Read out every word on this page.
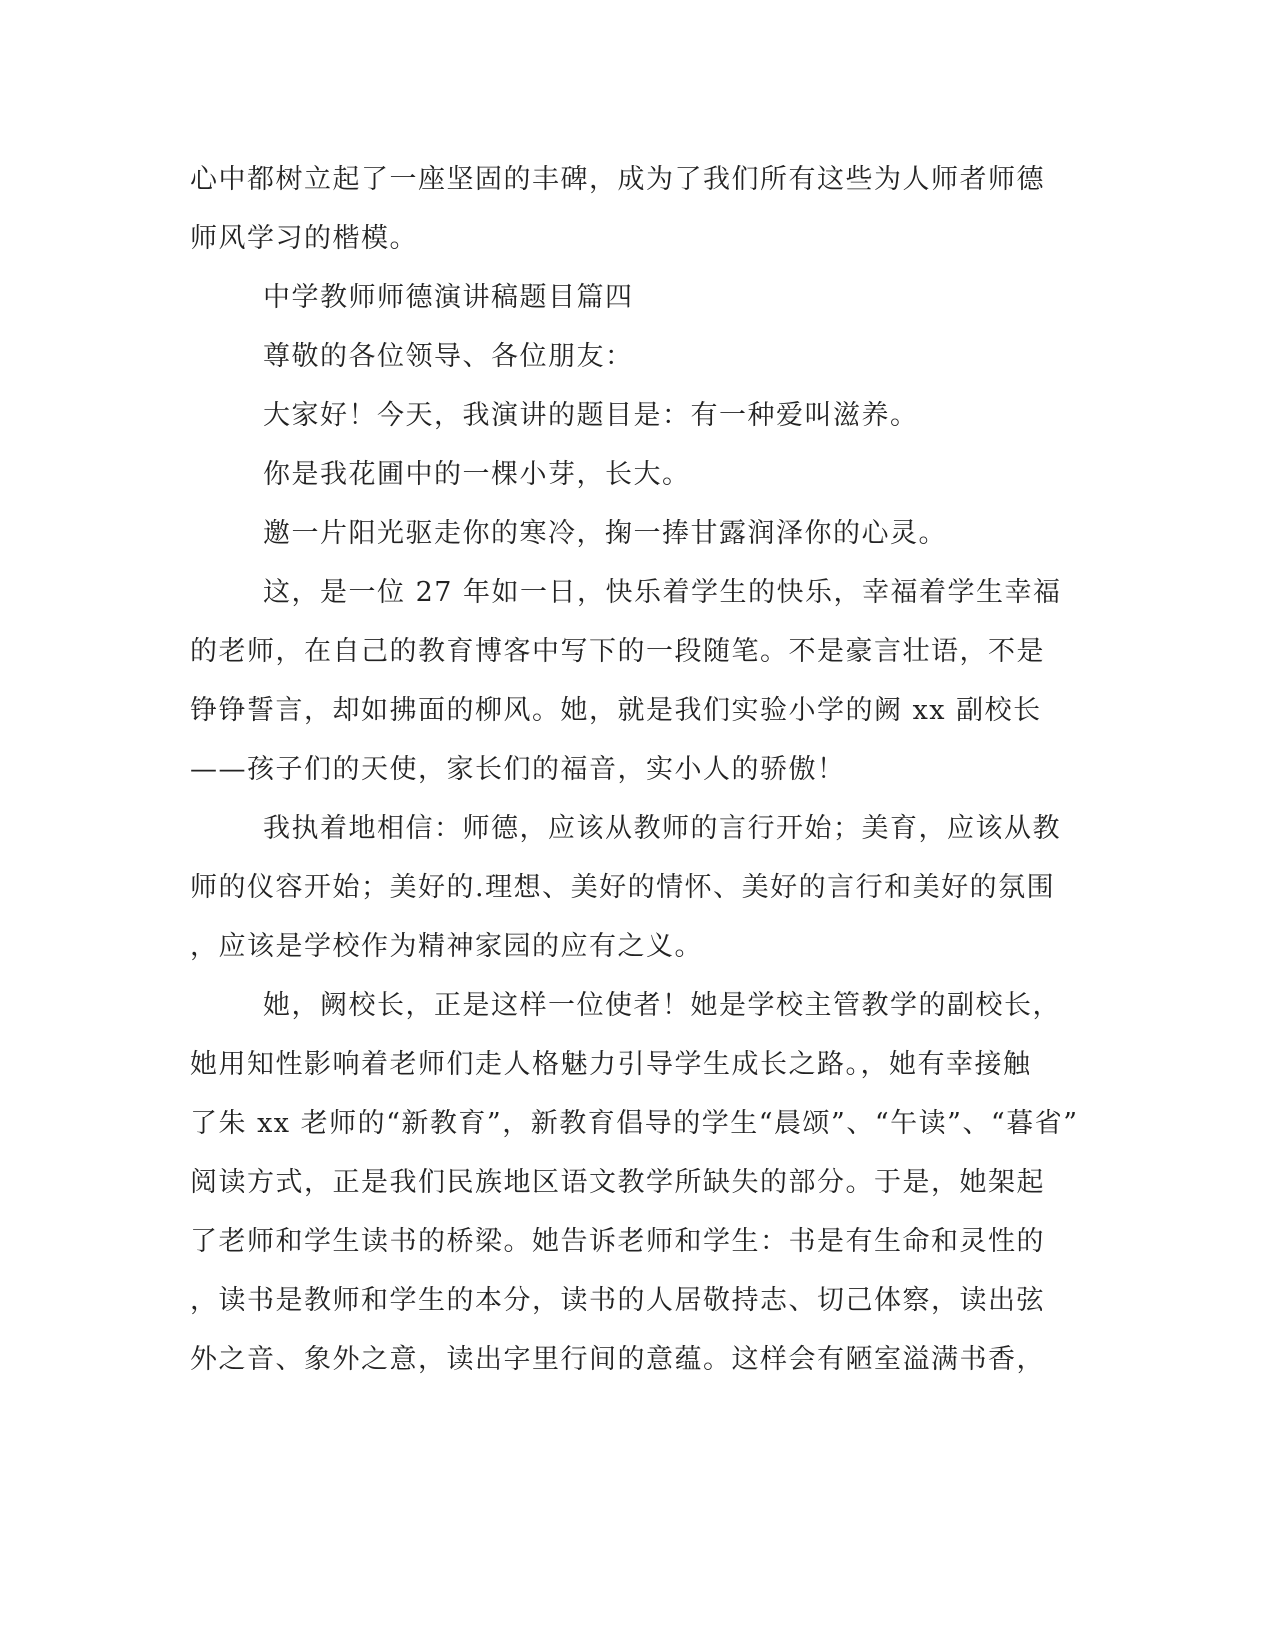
心中都树立起了一座坚固的丰碑，成为了我们所有这些为人师者师德
师风学习的楷模。
中学教师师德演讲稿题目篇四
尊敬的各位领导、各位朋友：
大家好！今天，我演讲的题目是：有一种爱叫滋养。
你是我花圃中的一棵小芽，长大。
邀一片阳光驱走你的寒冷，掬一捧甘露润泽你的心灵。
这，是一位 27 年如一日，快乐着学生的快乐，幸福着学生幸福
的老师，在自己的教育博客中写下的一段随笔。不是豪言壮语，不是
铮铮誓言，却如拂面的柳风。她，就是我们实验小学的阙 xx 副校长
——孩子们的天使，家长们的福音，实小人的骄傲！
我执着地相信：师德，应该从教师的言行开始；美育，应该从教
师的仪容开始；美好的.理想、美好的情怀、美好的言行和美好的氛围
，应该是学校作为精神家园的应有之义。
她，阙校长，正是这样一位使者！她是学校主管教学的副校长，
她用知性影响着老师们走人格魅力引导学生成长之路。，她有幸接触
了朱 xx 老师的“新教育”，新教育倡导的学生“晨颂”、“午读”、“暮省”
阅读方式，正是我们民族地区语文教学所缺失的部分。于是，她架起
了老师和学生读书的桥梁。她告诉老师和学生：书是有生命和灵性的
，读书是教师和学生的本分，读书的人居敬持志、切己体察，读出弦
外之音、象外之意，读出字里行间的意蕴。这样会有陋室溢满书香，
